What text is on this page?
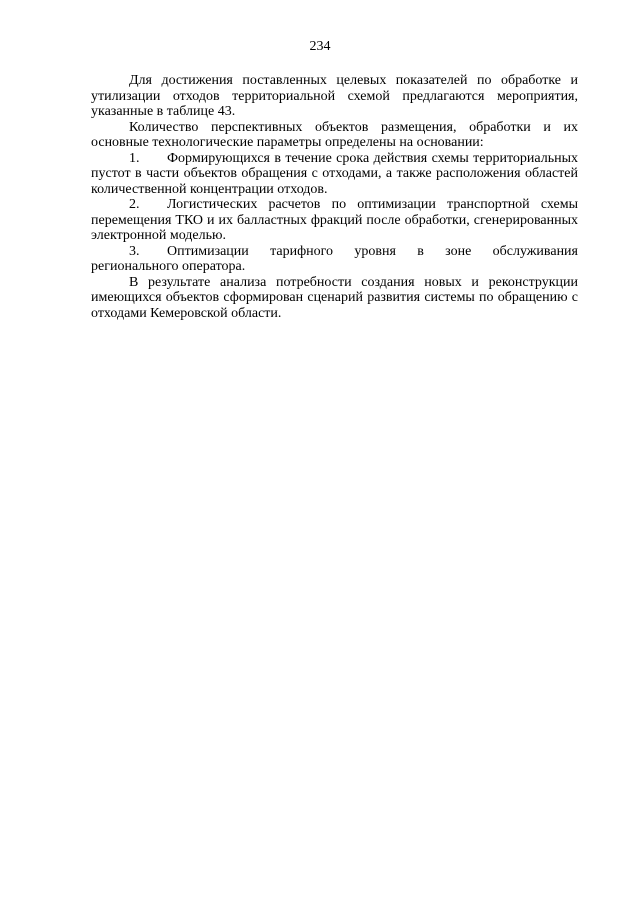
234

Для достижения поставленных целевых показателей по обработке и утилизации отходов территориальной схемой предлагаются мероприятия, указанные в таблице 43.

Количество перспективных объектов размещения, обработки и их основные технологические параметры определены на основании:

1. Формирующихся в течение срока действия схемы территориальных пустот в части объектов обращения с отходами, а также расположения областей количественной концентрации отходов.

2. Логистических расчетов по оптимизации транспортной схемы перемещения ТКО и их балластных фракций после обработки, сгенерированных электронной моделью.

3. Оптимизации тарифного уровня в зоне обслуживания регионального оператора.

В результате анализа потребности создания новых и реконструкции имеющихся объектов сформирован сценарий развития системы по обращению с отходами Кемеровской области.
